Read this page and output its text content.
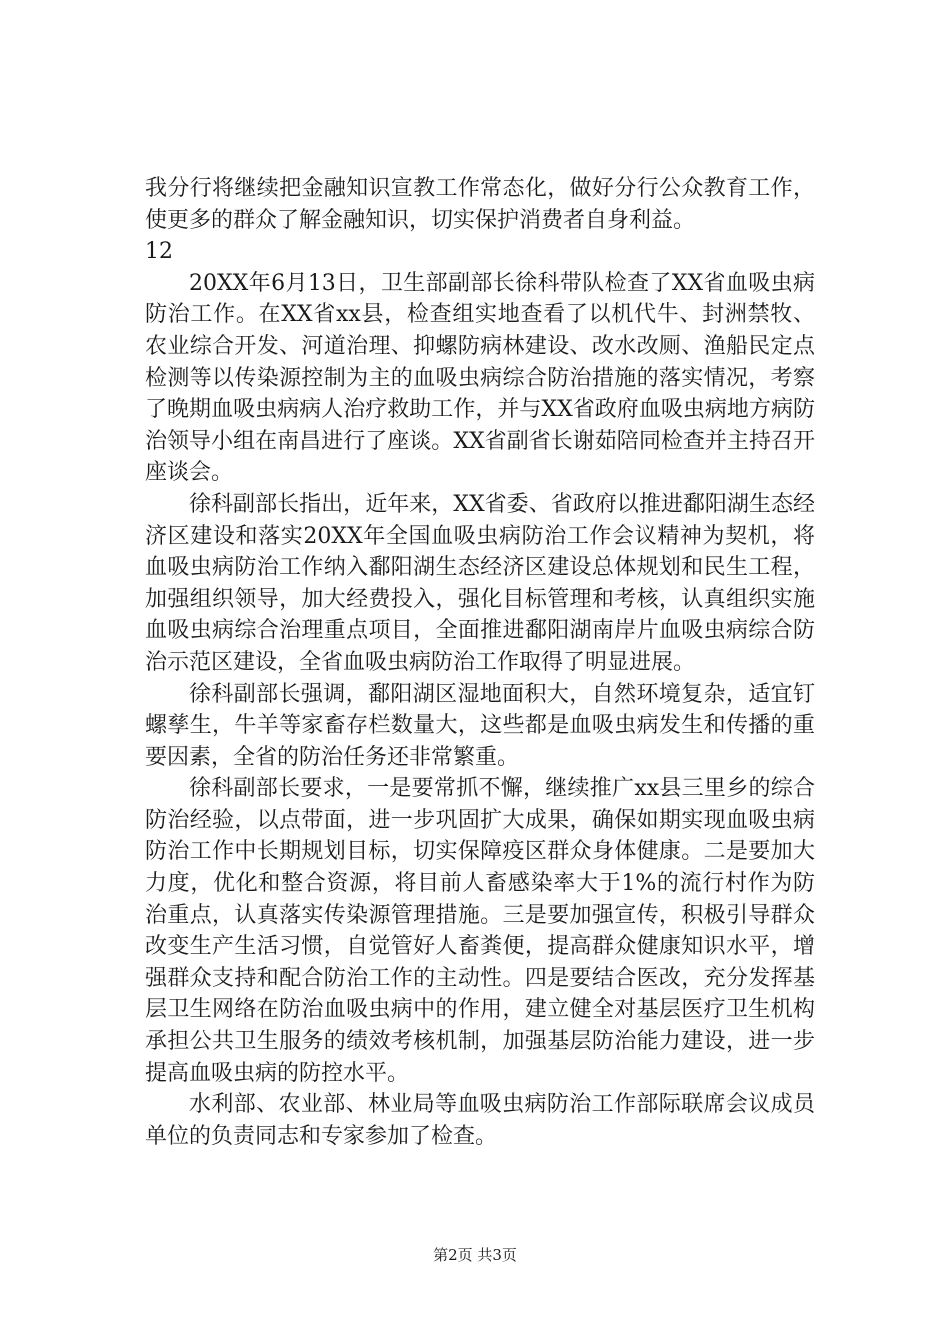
我分行将继续把金融知识宣教工作常态化，做好分行公众教育工作，使更多的群众了解金融知识，切实保护消费者自身利益。

12

20XX年6月13日，卫生部副部长徐科带队检查了XX省血吸虫病防治工作。在XX省xx县，检查组实地查看了以机代牛、封洲禁牧、农业综合开发、河道治理、抑螺防病林建设、改水改厕、渔船民定点检测等以传染源控制为主的血吸虫病综合防治措施的落实情况，考察了晚期血吸虫病病人治疗救助工作，并与XX省政府血吸虫病地方病防治领导小组在南昌进行了座谈。XX省副省长谢茹陪同检查并主持召开座谈会。

徐科副部长指出，近年来，XX省委、省政府以推进鄱阳湖生态经济区建设和落实20XX年全国血吸虫病防治工作会议精神为契机，将血吸虫病防治工作纳入鄱阳湖生态经济区建设总体规划和民生工程，加强组织领导，加大经费投入，强化目标管理和考核，认真组织实施血吸虫病综合治理重点项目，全面推进鄱阳湖南岸片血吸虫病综合防治示范区建设，全省血吸虫病防治工作取得了明显进展。

徐科副部长强调，鄱阳湖区湿地面积大，自然环境复杂，适宜钉螺孳生，牛羊等家畜存栏数量大，这些都是血吸虫病发生和传播的重要因素，全省的防治任务还非常繁重。

徐科副部长要求，一是要常抓不懈，继续推广xx县三里乡的综合防治经验，以点带面，进一步巩固扩大成果，确保如期实现血吸虫病防治工作中长期规划目标，切实保障疫区群众身体健康。二是要加大力度，优化和整合资源，将目前人畜感染率大于1%的流行村作为防治重点，认真落实传染源管理措施。三是要加强宣传，积极引导群众改变生产生活习惯，自觉管好人畜粪便，提高群众健康知识水平，增强群众支持和配合防治工作的主动性。四是要结合医改，充分发挥基层卫生网络在防治血吸虫病中的作用，建立健全对基层医疗卫生机构承担公共卫生服务的绩效考核机制，加强基层防治能力建设，进一步提高血吸虫病的防控水平。

水利部、农业部、林业局等血吸虫病防治工作部际联席会议成员单位的负责同志和专家参加了检查。

第2页 共3页
